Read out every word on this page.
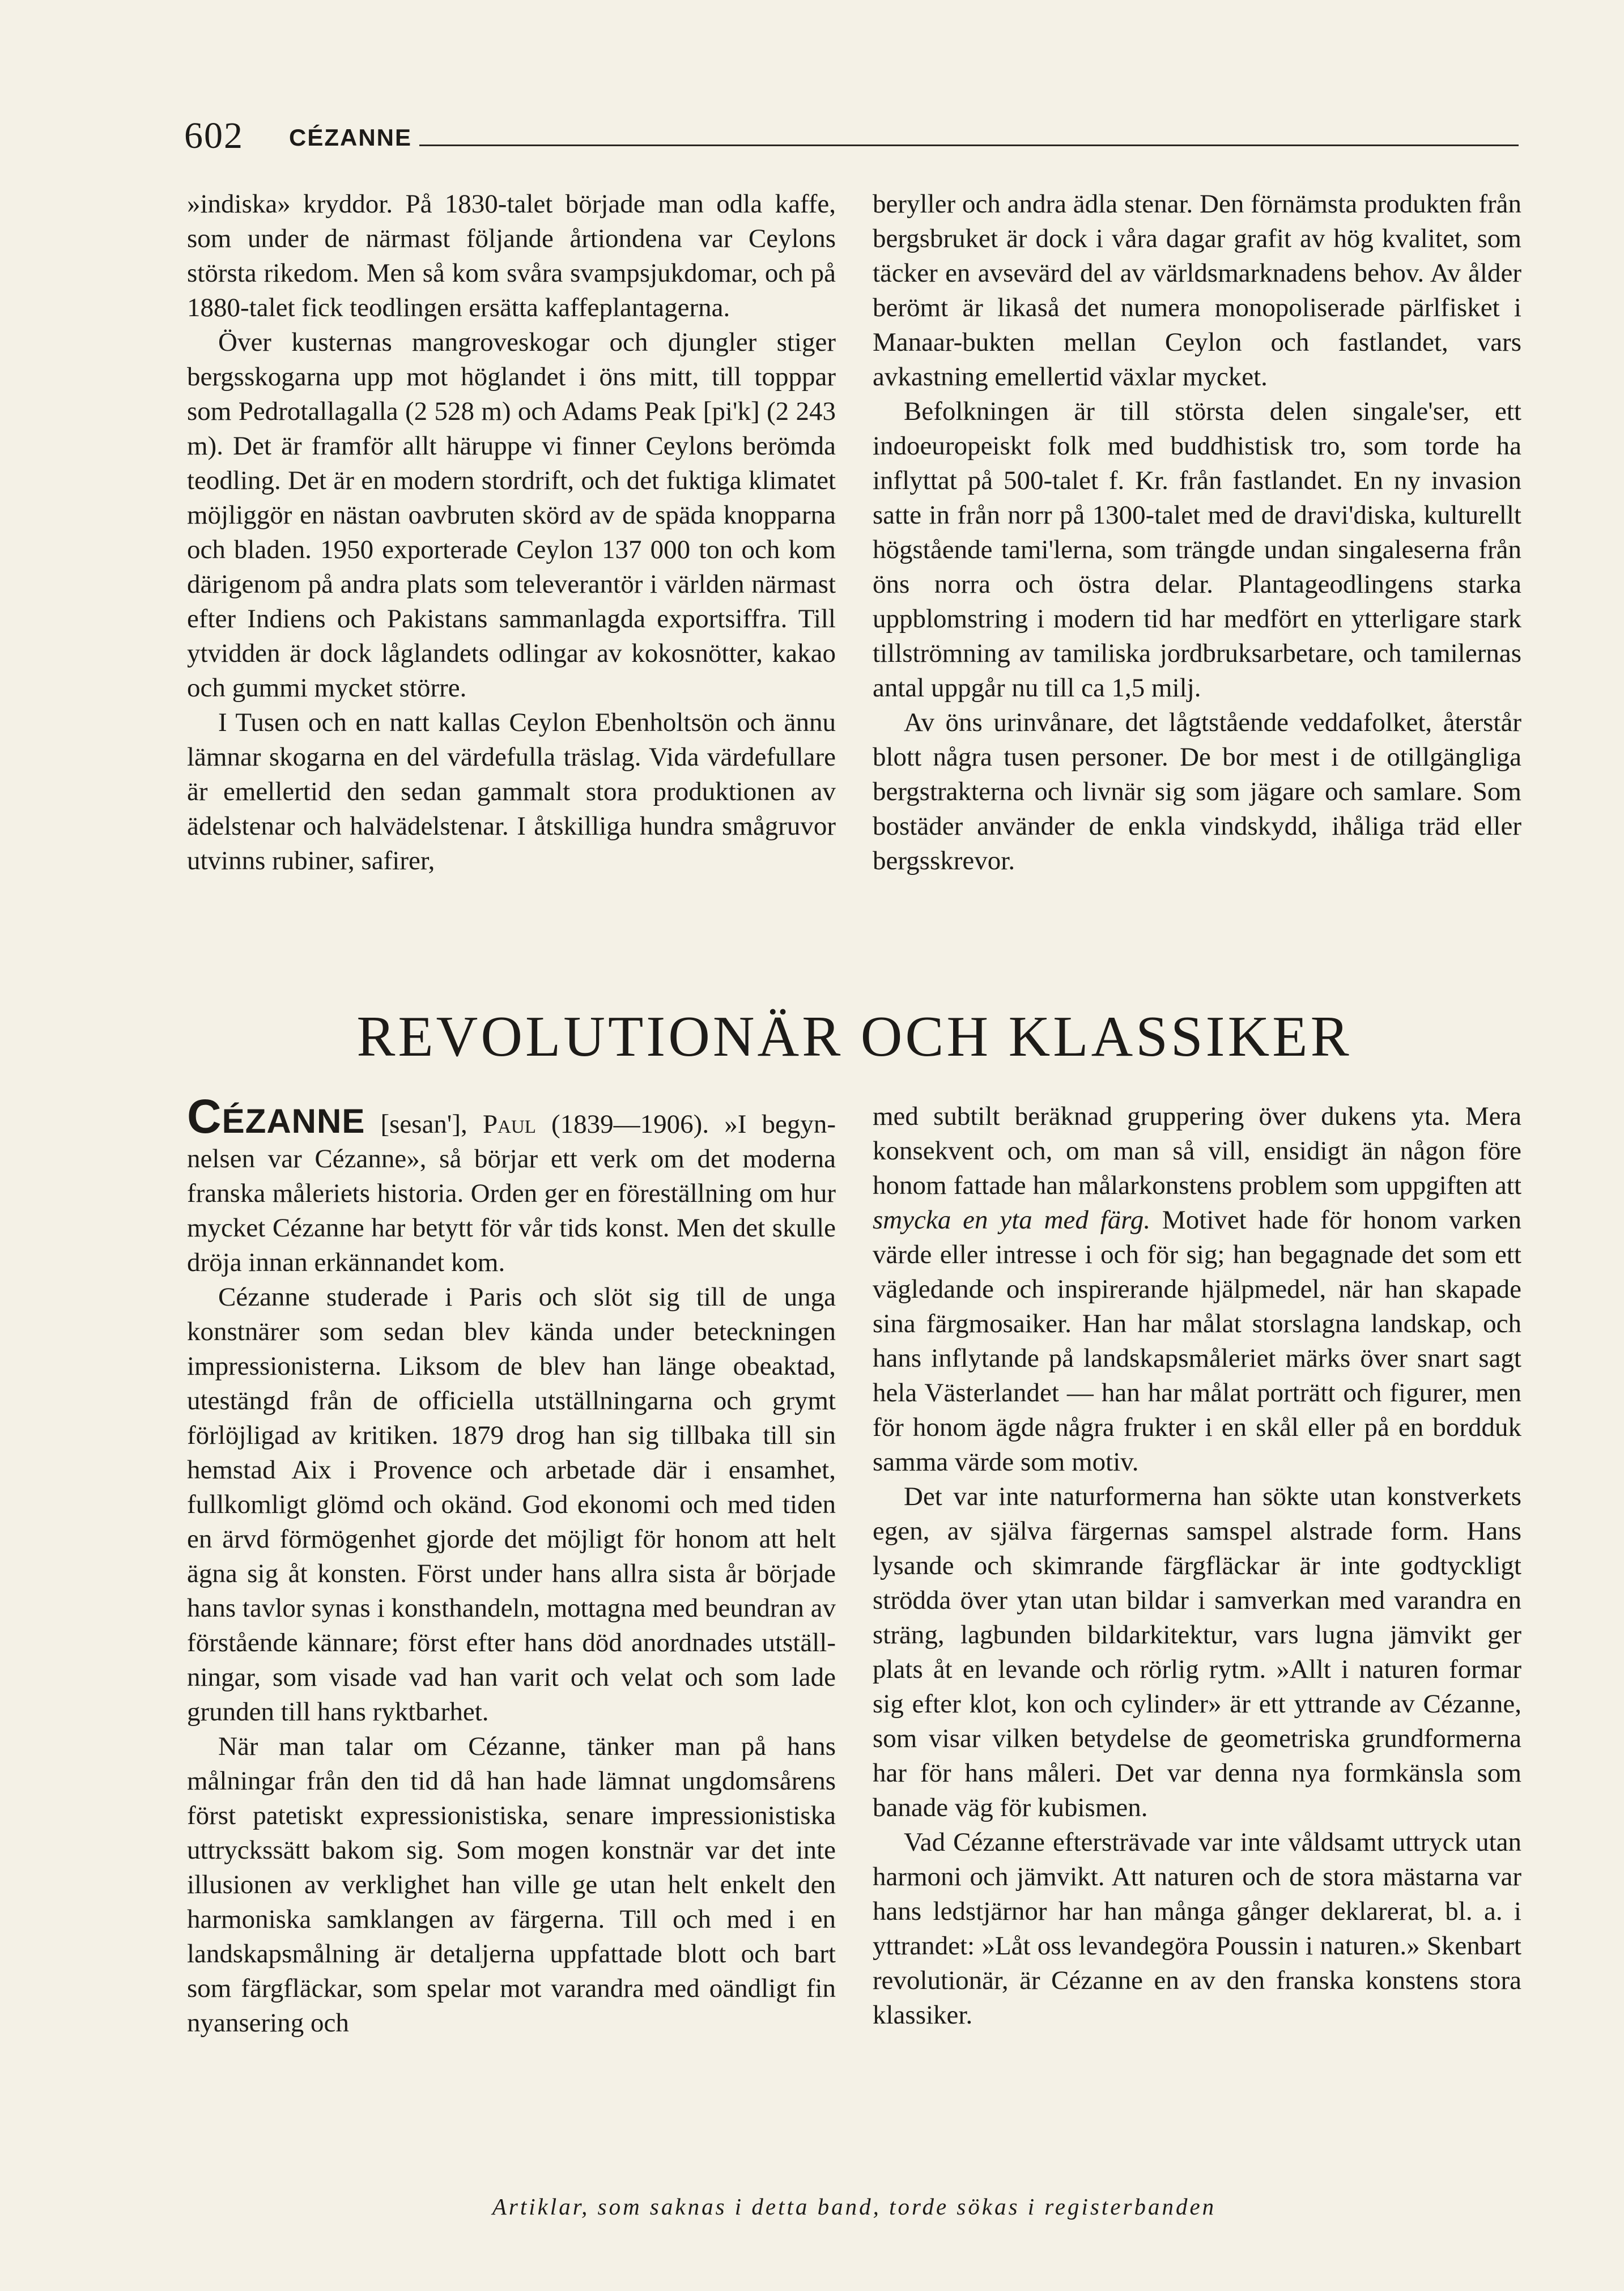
602 CÉZANNE

»indiska» kryddor. På 1830-talet började man odla kaffe, som under de närmast följande årtiondena var Ceylons största rikedom. Men så kom svåra svampsjukdomar, och på 1880-talet fick teodlingen ersätta kaffeplantagerna.

Över kusternas mangroveskogar och djungler stiger bergsskogarna upp mot höglandet i öns mitt, till topppar som Pedrotallagalla (2 528 m) och Adams Peak [pi'k] (2 243 m). Det är framför allt häruppe vi finner Ceylons berömda teodling. Det är en modern stordrift, och det fuktiga klimatet möjliggör en nästan oavbruten skörd av de späda knopparna och bladen. 1950 exporterade Ceylon 137 000 ton och kom därigenom på andra plats som televerantör i världen närmast efter Indiens och Pakistans sammanlagda exportsiffra. Till ytvidden är dock låglandets odlingar av kokosnötter, kakao och gummi mycket större.

I Tusen och en natt kallas Ceylon Ebenholtsön och ännu lämnar skogarna en del värdefulla träslag. Vida värdefullare är emellertid den sedan gammalt stora produktionen av ädelstenar och halvädelstenar. I åtskilliga hundra smågruvor utvinns rubiner, safirer,

beryller och andra ädla stenar. Den förnämsta produkten från bergsbruket är dock i våra dagar grafit av hög kvalitet, som täcker en avsevärd del av världsmarknadens behov. Av ålder berömt är likaså det numera monopoliserade pärlfisket i Manaar-bukten mellan Ceylon och fastlandet, vars avkastning emellertid växlar mycket.

Befolkningen är till största delen singale'ser, ett indoeuropeiskt folk med buddhistisk tro, som torde ha inflyttat på 500-talet f. Kr. från fastlandet. En ny invasion satte in från norr på 1300-talet med de dravi'diska, kulturellt högstående tami'lerna, som trängde undan singaleserna från öns norra och östra delar. Plantageodlingens starka uppblomstring i modern tid har medfört en ytterligare stark tillströmning av tamiliska jordbruksarbetare, och tamilernas antal uppgår nu till ca 1,5 milj.

Av öns urinvånare, det lågtstående veddafolket, återstår blott några tusen personer. De bor mest i de otillgängliga bergstrakterna och livnär sig som jägare och samlare. Som bostäder använder de enkla vindskydd, ihåliga träd eller bergsskrevor.

REVOLUTIONÄR OCH KLASSIKER

CÉZANNE [sesan'], Paul (1839—1906). »I begynnelsen var Cézanne», så börjar ett verk om det moderna franska måleriets historia. Orden ger en föreställning om hur mycket Cézanne har betytt för vår tids konst. Men det skulle dröja innan erkännandet kom.

Cézanne studerade i Paris och slöt sig till de unga konstnärer som sedan blev kända under beteckningen impressionisterna. Liksom de blev han länge obeaktad, utestängd från de officiella utställningarna och grymt förlöjligad av kritiken. 1879 drog han sig tillbaka till sin hemstad Aix i Provence och arbetade där i ensamhet, fullkomligt glömd och okänd. God ekonomi och med tiden en ärvd förmögenhet gjorde det möjligt för honom att helt ägna sig åt konsten. Först under hans allra sista år började hans tavlor synas i konsthandeln, mottagna med beundran av förstående kännare; först efter hans död anordnades utställningar, som visade vad han varit och velat och som lade grunden till hans ryktbarhet.

När man talar om Cézanne, tänker man på hans målningar från den tid då han hade lämnat ungdomsårens först patetiskt expressionistiska, senare impressionistiska uttryckssätt bakom sig. Som mogen konstnär var det inte illusionen av verklighet han ville ge utan helt enkelt den harmoniska samklangen av färgerna. Till och med i en landskapsmålning är detaljerna uppfattade blott och bart som färgfläckar, som spelar mot varandra med oändligt fin nyansering och

med subtilt beräknad gruppering över dukens yta. Mera konsekvent och, om man så vill, ensidigt än någon före honom fattade han målarkonstens problem som uppgiften att smycka en yta med färg. Motivet hade för honom varken värde eller intresse i och för sig; han begagnade det som ett vägledande och inspirerande hjälpmedel, när han skapade sina färgmosaiker. Han har målat storslagna landskap, och hans inflytande på landskapsmåleriet märks över snart sagt hela Västerlandet — han har målat porträtt och figurer, men för honom ägde några frukter i en skål eller på en bordduk samma värde som motiv.

Det var inte naturformerna han sökte utan konstverkets egen, av själva färgernas samspel alstrade form. Hans lysande och skimrande färgfläckar är inte godtyckligt strödda över ytan utan bildar i samverkan med varandra en sträng, lagbunden bildarkitektur, vars lugna jämvikt ger plats åt en levande och rörlig rytm. »Allt i naturen formar sig efter klot, kon och cylinder» är ett yttrande av Cézanne, som visar vilken betydelse de geometriska grundformerna har för hans måleri. Det var denna nya formkänsla som banade väg för kubismen.

Vad Cézanne eftersträvade var inte våldsamt uttryck utan harmoni och jämvikt. Att naturen och de stora mästarna var hans ledstjärnor har han många gånger deklarerat, bl. a. i yttrandet: »Låt oss levandegöra Poussin i naturen.» Skenbart revolutionär, är Cézanne en av den franska konstens stora klassiker.

Artiklar, som saknas i detta band, torde sökas i registerbanden
